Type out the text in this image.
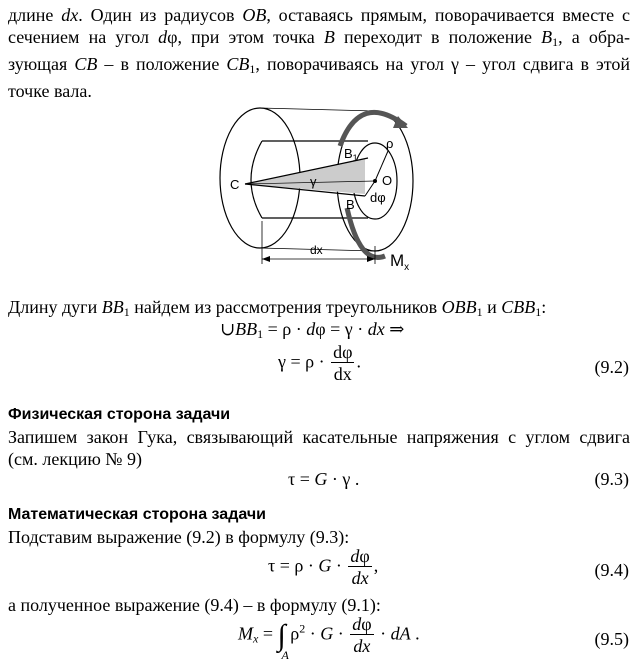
длине dx. Один из радиусов OB, оставаясь прямым, поворачивается вместе с
сечением на угол dφ, при этом точка B переходит в положение $B_1$, а обра-
зующая CB – в положение $CB_1$, поворачиваясь на угол γ – угол сдвига в этой
точке вала.
C
$B_1$
B
ρ
O
dφ
γ
dx
$M_x$
Длину дуги $BB_1$ найдем из рассмотрения треугольников $OBB_1$ и $CBB_1$:
$\cup BB_1 = \rho \cdot d\varphi = \gamma$ · dx ⇒
$\gamma = \rho \cdot \frac{d\varphi}{dx}$ .	(9.2)
Физическая сторона задачи
Запишем закон Гука, связывающий касательные напряжения с углом сдвига
(см. лекцию № 9)
τ = G · γ .	(9.3)
Математическая сторона задачи
Подставим выражение (9.2) в формулу (9.3):
$\tau = \rho \cdot G \cdot \frac{d\varphi}{dx}$ ,	(9.4)
а полученное выражение (9.4) – в формулу (9.1):
$M_x$ = ∫
A
$\rho^2 \cdot G \cdot \frac{d\varphi}{dx}$ · dA .	(9.5)
